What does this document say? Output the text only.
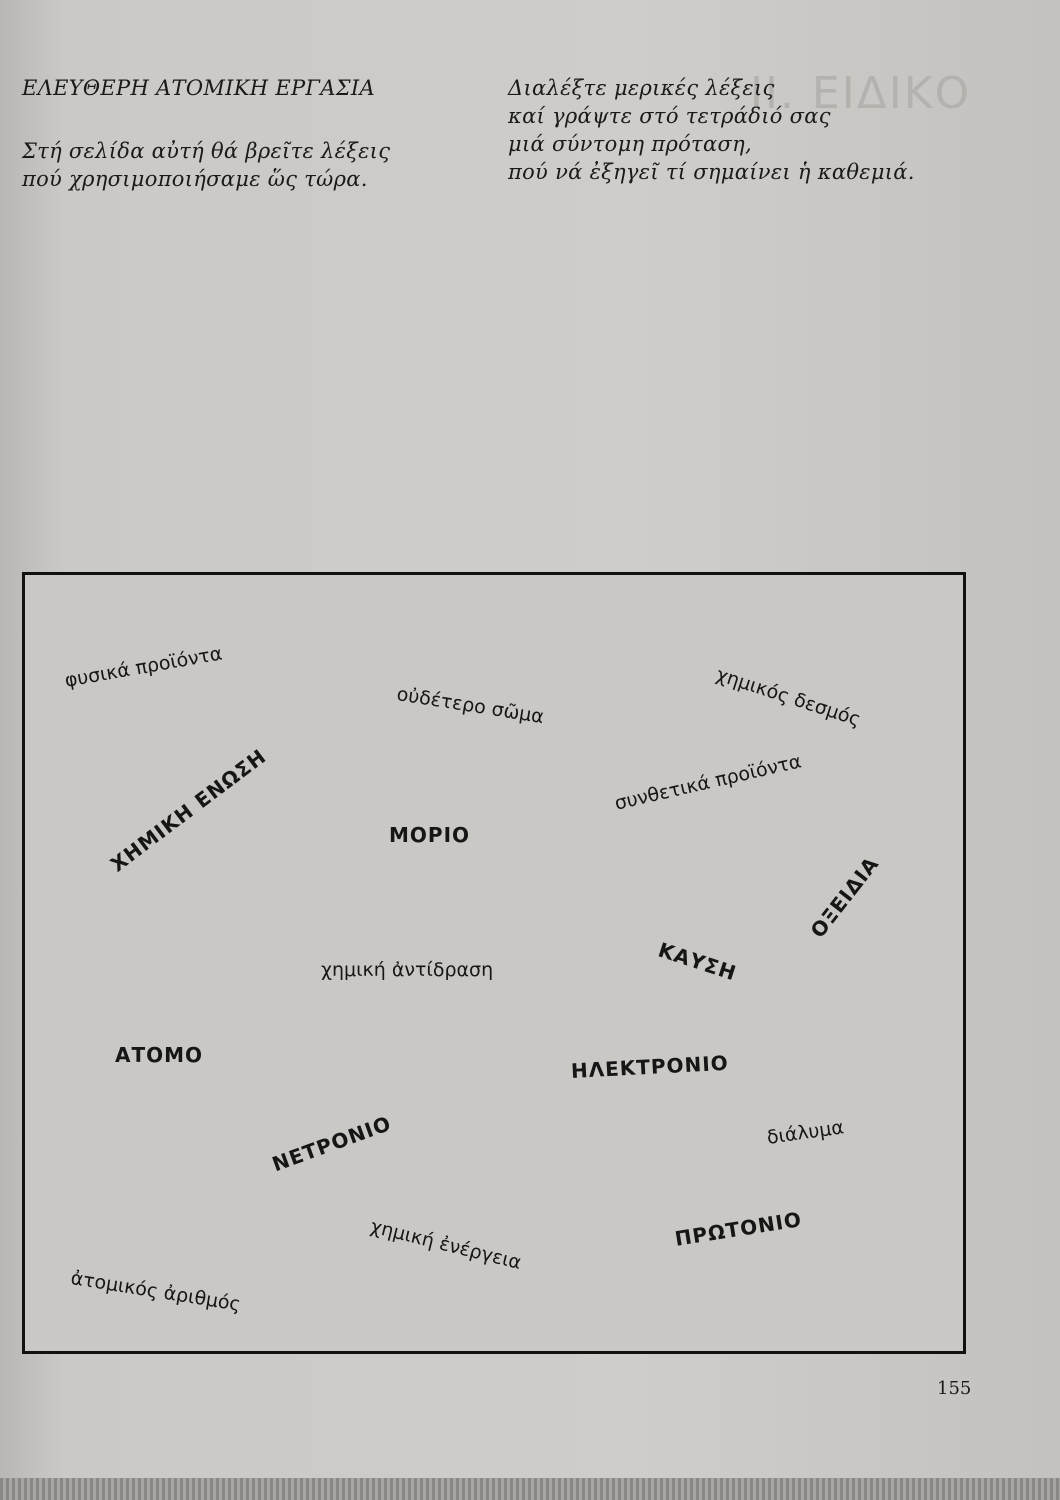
II. ΕΙΔΙΚΟ
ΕΛΕΥΘΕΡΗ ΑΤΟΜΙΚΗ ΕΡΓΑΣΙΑ
Στή σελίδα αὐτή θά βρεῖτε λέξεις
πού χρησιμοποιήσαμε ὥς τώρα.
Διαλέξτε μερικές λέξεις
καί γράψτε στό τετράδιό σας
μιά σύντομη πρόταση,
πού νά ἐξηγεῖ τί σημαίνει ἡ καθεμιά.
φυσικά προϊόντα
οὐδέτερο σῶμα	χημικός δεσμός
ΧΗΜΙΚΗ ΕΝΩΣΗ	ΜΟΡΙΟ
συνθετικά προϊόντα
ΟΞΕΙΔΙΑ
ΚΑΥΣΗ
χημική ἀντίδραση
ΑΤΟΜΟ	ΗΛΕΚΤΡΟΝΙΟ
ΝΕΤΡΟΝΙΟ	διάλυμα
χημική ἐνέργεια	ΠΡΩΤΟΝΙΟ
ἀτομικός ἀριθμός
155
